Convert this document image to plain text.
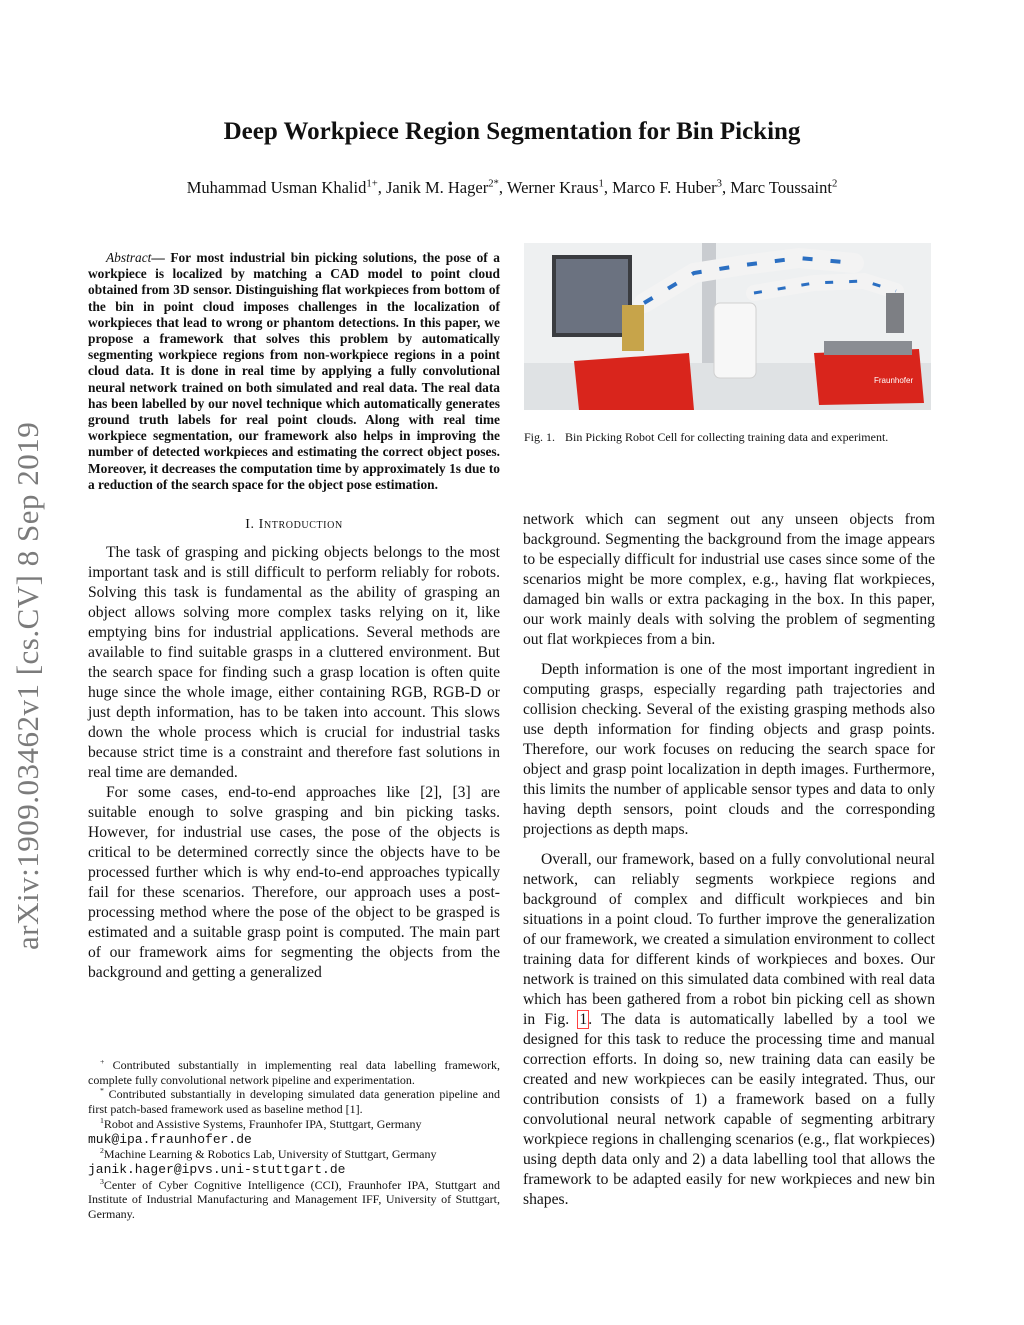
arXiv:1909.03462v1 [cs.CV] 8 Sep 2019
Deep Workpiece Region Segmentation for Bin Picking

Muhammad Usman Khalid$^{1+}$, Janik M. Hager$^{2*}$, Werner Kraus$^1$, Marco F. Huber$^3$, Marc Toussaint$^2$

Abstract— For most industrial bin picking solutions, the pose of a workpiece is localized by matching a CAD model to point cloud obtained from 3D sensor. Distinguishing flat workpieces from bottom of the bin in point cloud imposes challenges in the localization of workpieces that lead to wrong or phantom detections. In this paper, we propose a framework that solves this problem by automatically segmenting workpiece regions from non-workpiece regions in a point cloud data. It is done in real time by applying a fully convolutional neural network trained on both simulated and real data. The real data has been labelled by our novel technique which automatically generates ground truth labels for real point clouds. Along with real time workpiece segmentation, our framework also helps in improving the number of detected workpieces and estimating the correct object poses. Moreover, it decreases the computation time by approximately 1s due to a reduction of the search space for the object pose estimation.

I. Introduction

The task of grasping and picking objects belongs to the most important task and is still difficult to perform reliably for robots. Solving this task is fundamental as the ability of grasping an object allows solving more complex tasks relying on it, like emptying bins for industrial applications. Several methods are available to find suitable grasps in a cluttered environment. But the search space for finding such a grasp location is often quite huge since the whole image, either containing RGB, RGB-D or just depth information, has to be taken into account. This slows down the whole process which is crucial for industrial tasks because strict time is a constraint and therefore fast solutions in real time are demanded.

For some cases, end-to-end approaches like [2], [3] are suitable enough to solve grasping and bin picking tasks. However, for industrial use cases, the pose of the objects is critical to be determined correctly since the objects have to be processed further which is why end-to-end approaches typically fail for these scenarios. Therefore, our approach uses a post-processing method where the pose of the object to be grasped is estimated and a suitable grasp point is computed. The main part of our framework aims for segmenting the objects from the background and getting a generalized

+ Contributed substantially in implementing real data labelling framework, complete fully convolutional network pipeline and experimentation.

* Contributed substantially in developing simulated data generation pipeline and first patch-based framework used as baseline method [1].

$^1$Robot and Assistive Systems, Fraunhofer IPA, Stuttgart, Germany

muk@ipa.fraunhofer.de

$^2$Machine Learning & Robotics Lab, University of Stuttgart, Germany

janik.hager@ipvs.uni-stuttgart.de

$^3$Center of Cyber Cognitive Intelligence (CCI), Fraunhofer IPA, Stuttgart and Institute of Industrial Manufacturing and Management IFF, University of Stuttgart, Germany.

Fraunhofer

Fig. 1. Bin Picking Robot Cell for collecting training data and experiment.

network which can segment out any unseen objects from background. Segmenting the background from the image appears to be especially difficult for industrial use cases since some of the scenarios might be more complex, e.g., having flat workpieces, damaged bin walls or extra packaging in the box. In this paper, our work mainly deals with solving the problem of segmenting out flat workpieces from a bin.

Depth information is one of the most important ingredient in computing grasps, especially regarding path trajectories and collision checking. Several of the existing grasping methods also use depth information for finding objects and grasp points. Therefore, our work focuses on reducing the search space for object and grasp point localization in depth images. Furthermore, this limits the number of applicable sensor types and data to only having depth sensors, point clouds and the corresponding projections as depth maps.

Overall, our framework, based on a fully convolutional neural network, can reliably segments workpiece regions and background of complex and difficult workpieces and bin situations in a point cloud. To further improve the generalization of our framework, we created a simulation environment to collect training data for different kinds of workpieces and boxes. Our network is trained on this simulated data combined with real data which has been gathered from a robot bin picking cell as shown in Fig. 1. The data is automatically labelled by a tool we designed for this task to reduce the processing time and manual correction efforts. In doing so, new training data can easily be created and new workpieces can be easily integrated. Thus, our contribution consists of 1) a framework based on a fully convolutional neural network capable of segmenting arbitrary workpiece regions in challenging scenarios (e.g., flat workpieces) using depth data only and 2) a data labelling tool that allows the framework to be adapted easily for new workpieces and new bin shapes.
